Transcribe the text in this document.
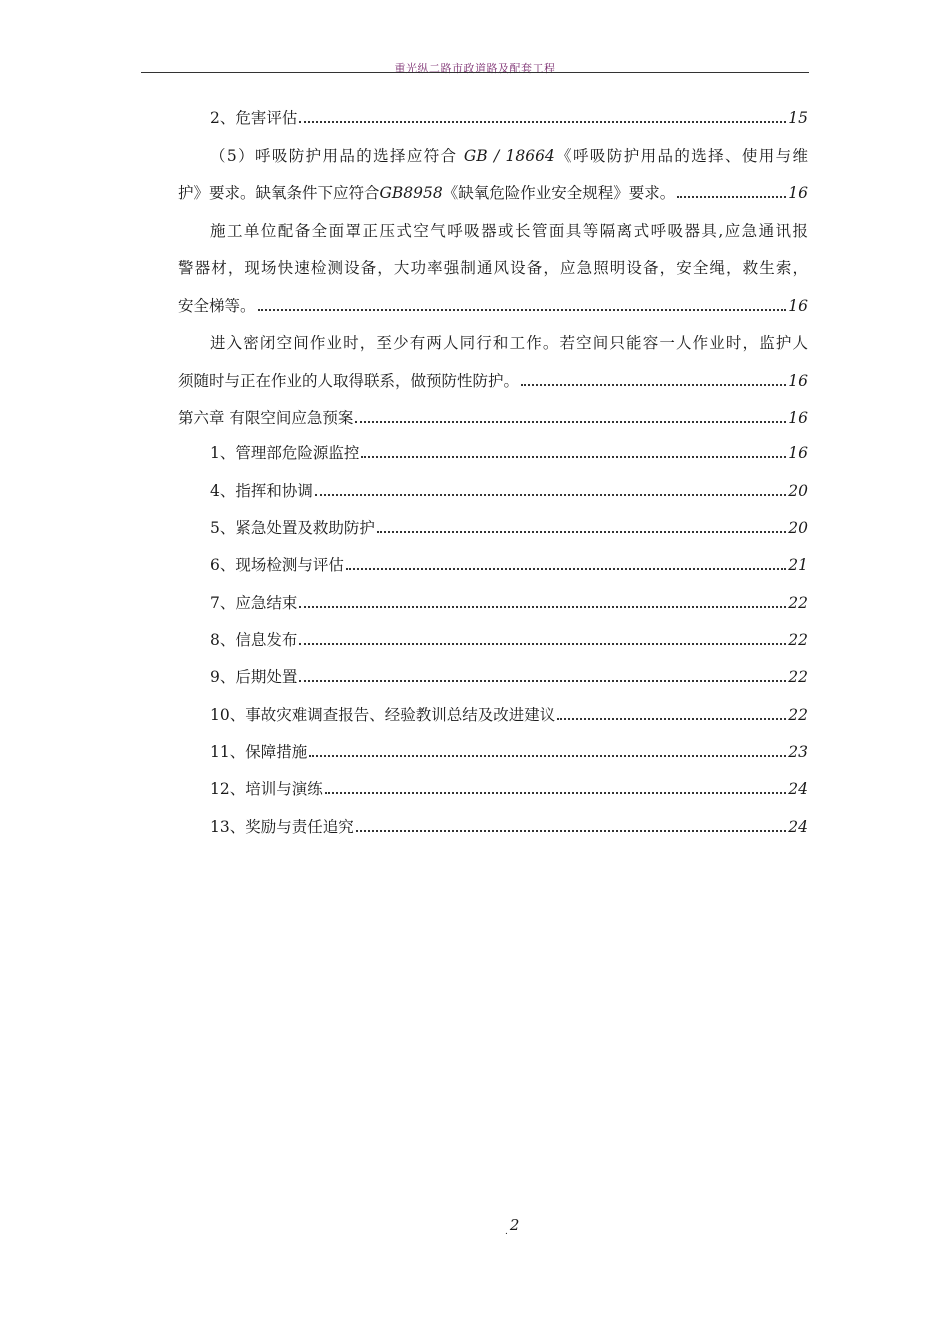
重光纵二路市政道路及配套工程
2、危害评估	15
（5）呼吸防护用品的选择应符合 GB / 18664《呼吸防护用品的选择、使用与维
护》要求。缺氧条件下应符合GB8958《缺氧危险作业安全规程》要求。	16
施工单位配备全面罩正压式空气呼吸器或长管面具等隔离式呼吸器具,应急通讯报
警器材，现场快速检测设备，大功率强制通风设备，应急照明设备，安全绳，救生索，
安全梯等。	16
进入密闭空间作业时，至少有两人同行和工作。若空间只能容一人作业时，监护人
须随时与正在作业的人取得联系，做预防性防护。	16
第六章 有限空间应急预案	16
1、管理部危险源监控	16
4、指挥和协调	20
5、紧急处置及救助防护	20
6、现场检测与评估	21
7、应急结束	22
8、信息发布	22
9、后期处置	22
10、事故灾难调查报告、经验教训总结及改进建议	22
11、保障措施	23
12、培训与演练	24
13、奖励与责任追究	24
$_.$ 2
